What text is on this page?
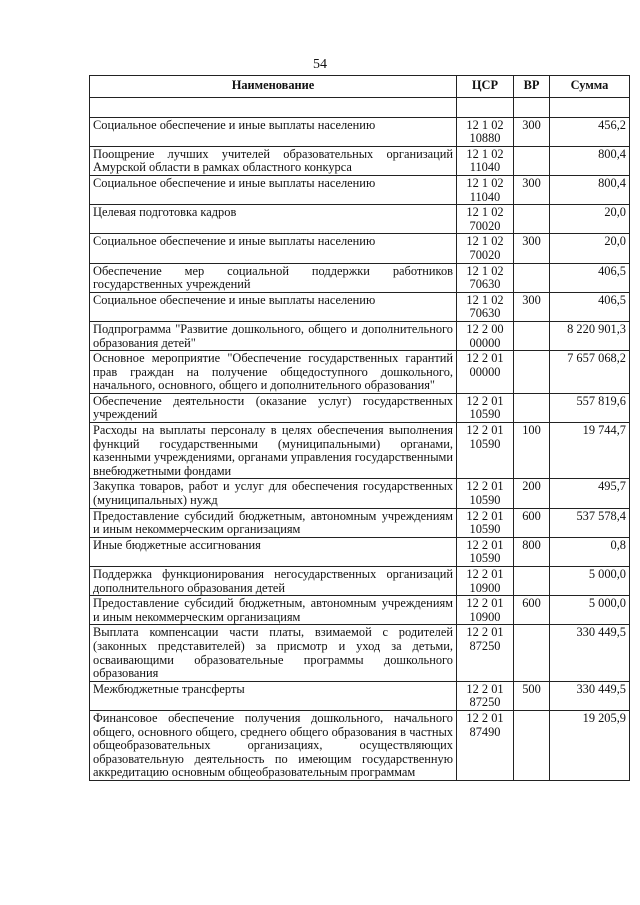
54
Наименование	ЦСР	ВР	Сумма

Социальное обеспечение и иные выплаты населению	12 1 02 10880	300	456,2
Поощрение лучших учителей образовательных организаций Амурской области в рамках областного конкурса	12 1 02 11040		800,4
Социальное обеспечение и иные выплаты населению	12 1 02 11040	300	800,4
Целевая подготовка кадров	12 1 02 70020		20,0
Социальное обеспечение и иные выплаты населению	12 1 02 70020	300	20,0
Обеспечение мер социальной поддержки работников государственных учреждений	12 1 02 70630		406,5
Социальное обеспечение и иные выплаты населению	12 1 02 70630	300	406,5
Подпрограмма "Развитие дошкольного, общего и дополнительного образования детей"	12 2 00 00000		8 220 901,3
Основное мероприятие "Обеспечение государственных гарантий прав граждан на получение общедоступного дошкольного, начального, основного, общего и дополнительного образования"	12 2 01 00000		7 657 068,2
Обеспечение деятельности (оказание услуг) государственных учреждений	12 2 01 10590		557 819,6
Расходы на выплаты персоналу в целях обеспечения выполнения функций государственными (муниципальными) органами, казенными учреждениями, органами управления государственными внебюджетными фондами	12 2 01 10590	100	19 744,7
Закупка товаров, работ и услуг для обеспечения государственных (муниципальных) нужд	12 2 01 10590	200	495,7
Предоставление субсидий бюджетным, автономным учреждениям и иным некоммерческим организациям	12 2 01 10590	600	537 578,4
Иные бюджетные ассигнования	12 2 01 10590	800	0,8
Поддержка функционирования негосударственных организаций дополнительного образования детей	12 2 01 10900		5 000,0
Предоставление субсидий бюджетным, автономным учреждениям и иным некоммерческим организациям	12 2 01 10900	600	5 000,0
Выплата компенсации части платы, взимаемой с родителей (законных представителей) за присмотр и уход за детьми, осваивающими образовательные программы дошкольного образования	12 2 01 87250		330 449,5
Межбюджетные трансферты	12 2 01 87250	500	330 449,5
Финансовое обеспечение получения дошкольного, начального общего, основного общего, среднего общего образования в частных общеобразовательных организациях, осуществляющих образовательную деятельность по имеющим государственную аккредитацию основным общеобразовательным программам	12 2 01 87490		19 205,9
